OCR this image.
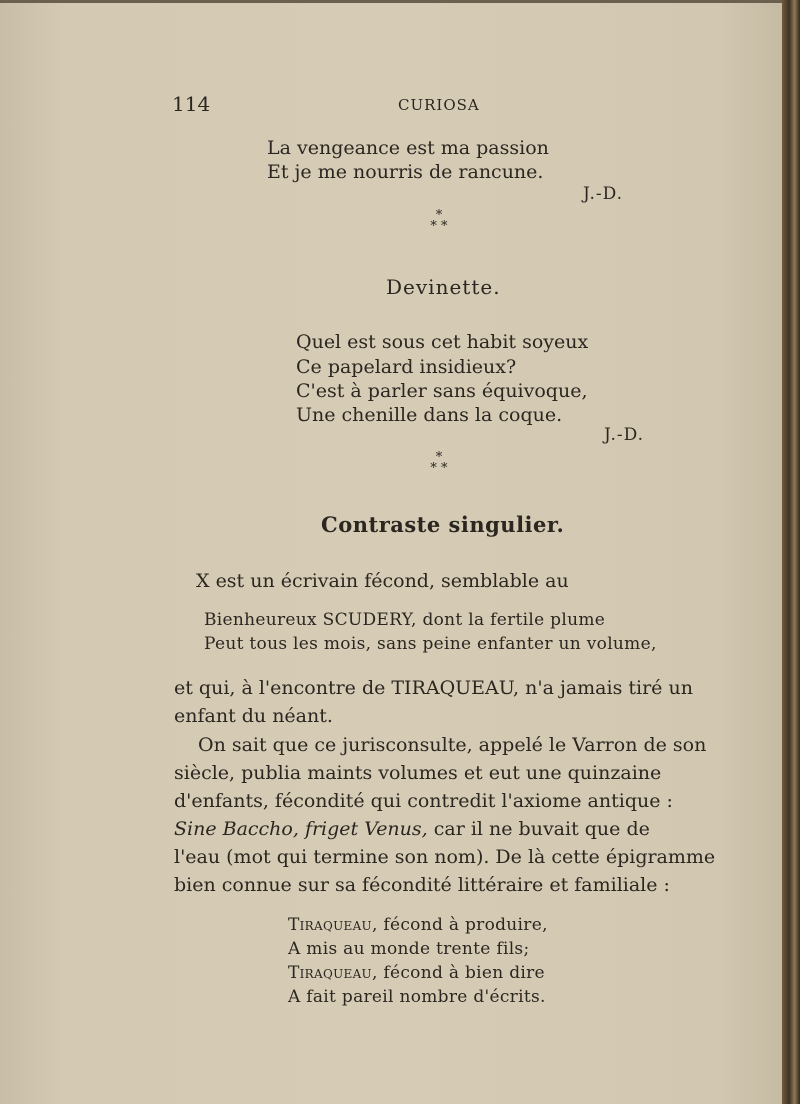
114	CURIOSA
La vengeance est ma passion
Et je me nourris de rancune.
J.-D.
*
* *
Devinette.
Quel est sous cet habit soyeux
Ce papelard insidieux?
C'est à parler sans équivoque,
Une chenille dans la coque.
J.-D.
*
* *
Contraste singulier.
X est un écrivain fécond, semblable au
Bienheureux SCUDERY, dont la fertile plume
Peut tous les mois, sans peine enfanter un volume,
et qui, à l'encontre de TIRAQUEAU, n'a jamais tiré un
enfant du néant.
On sait que ce jurisconsulte, appelé le Varron de son
siècle, publia maints volumes et eut une quinzaine
d'enfants, fécondité qui contredit l'axiome antique :
Sine Baccho, friget Venus, car il ne buvait que de
l'eau (mot qui termine son nom). De là cette épigramme
bien connue sur sa fécondité littéraire et familiale :
Tiraqueau, fécond à produire,
A mis au monde trente fils;
Tiraqueau, fécond à bien dire
A fait pareil nombre d'écrits.
